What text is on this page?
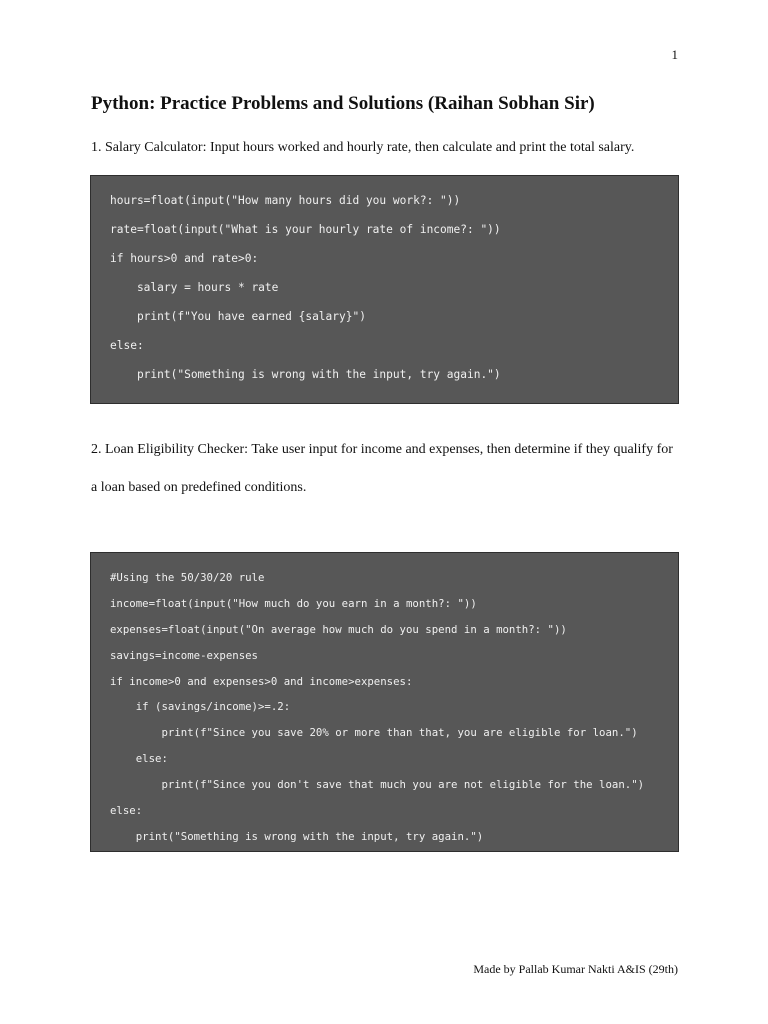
1
Python: Practice Problems and Solutions (Raihan Sobhan Sir)

1. Salary Calculator: Input hours worked and hourly rate, then calculate and print the total salary.

hours=float(input("How many hours did you work?: "))
rate=float(input("What is your hourly rate of income?: "))
if hours>0 and rate>0:
salary = hours * rate
print(f"You have earned {salary}")
else:
print("Something is wrong with the input, try again.")

2. Loan Eligibility Checker: Take user input for income and expenses, then determine if they qualify for a loan based on predefined conditions.

#Using the 50/30/20 rule
income=float(input("How much do you earn in a month?: "))
expenses=float(input("On average how much do you spend in a month?: "))
savings=income-expenses
if income>0 and expenses>0 and income>expenses:
if (savings/income)>=.2:
print(f"Since you save 20% or more than that, you are eligible for loan.")
else:
print(f"Since you don't save that much you are not eligible for the loan.")
else:
print("Something is wrong with the input, try again.")
Made by Pallab Kumar Nakti A&IS (29th)
